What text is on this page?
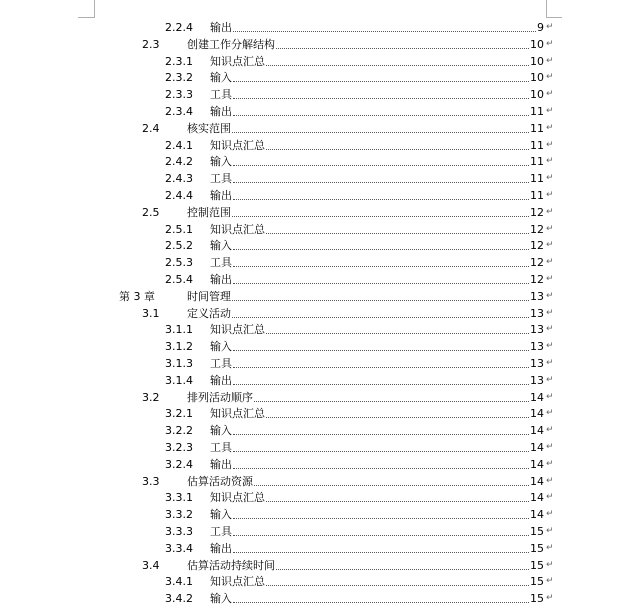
2.2.4 输出	9 ↵
2.3	创建工作分解结构	10 ↵
2.3.1 知识点汇总	10 ↵
2.3.2 输入	10 ↵
2.3.3 工具	10 ↵
2.3.4 输出	11 ↵
2.4	核实范围	11 ↵
2.4.1 知识点汇总	11 ↵
2.4.2 输入	11 ↵
2.4.3 工具	11 ↵
2.4.4 输出	11 ↵
2.5	控制范围	12 ↵
2.5.1 知识点汇总	12 ↵
2.5.2 输入	12 ↵
2.5.3 工具	12 ↵
2.5.4 输出	12 ↵
第 3 章	时间管理	13 ↵
3.1	定义活动	13 ↵
3.1.1 知识点汇总	13 ↵
3.1.2 输入	13 ↵
3.1.3 工具	13 ↵
3.1.4 输出	13 ↵
3.2	排列活动顺序	14 ↵
3.2.1 知识点汇总	14 ↵
3.2.2 输入	14 ↵
3.2.3 工具	14 ↵
3.2.4 输出	14 ↵
3.3	估算活动资源	14 ↵
3.3.1 知识点汇总	14 ↵
3.3.2 输入	14 ↵
3.3.3 工具	15 ↵
3.3.4 输出	15 ↵
3.4	估算活动持续时间	15 ↵
3.4.1 知识点汇总	15 ↵
3.4.2 输入	15 ↵
